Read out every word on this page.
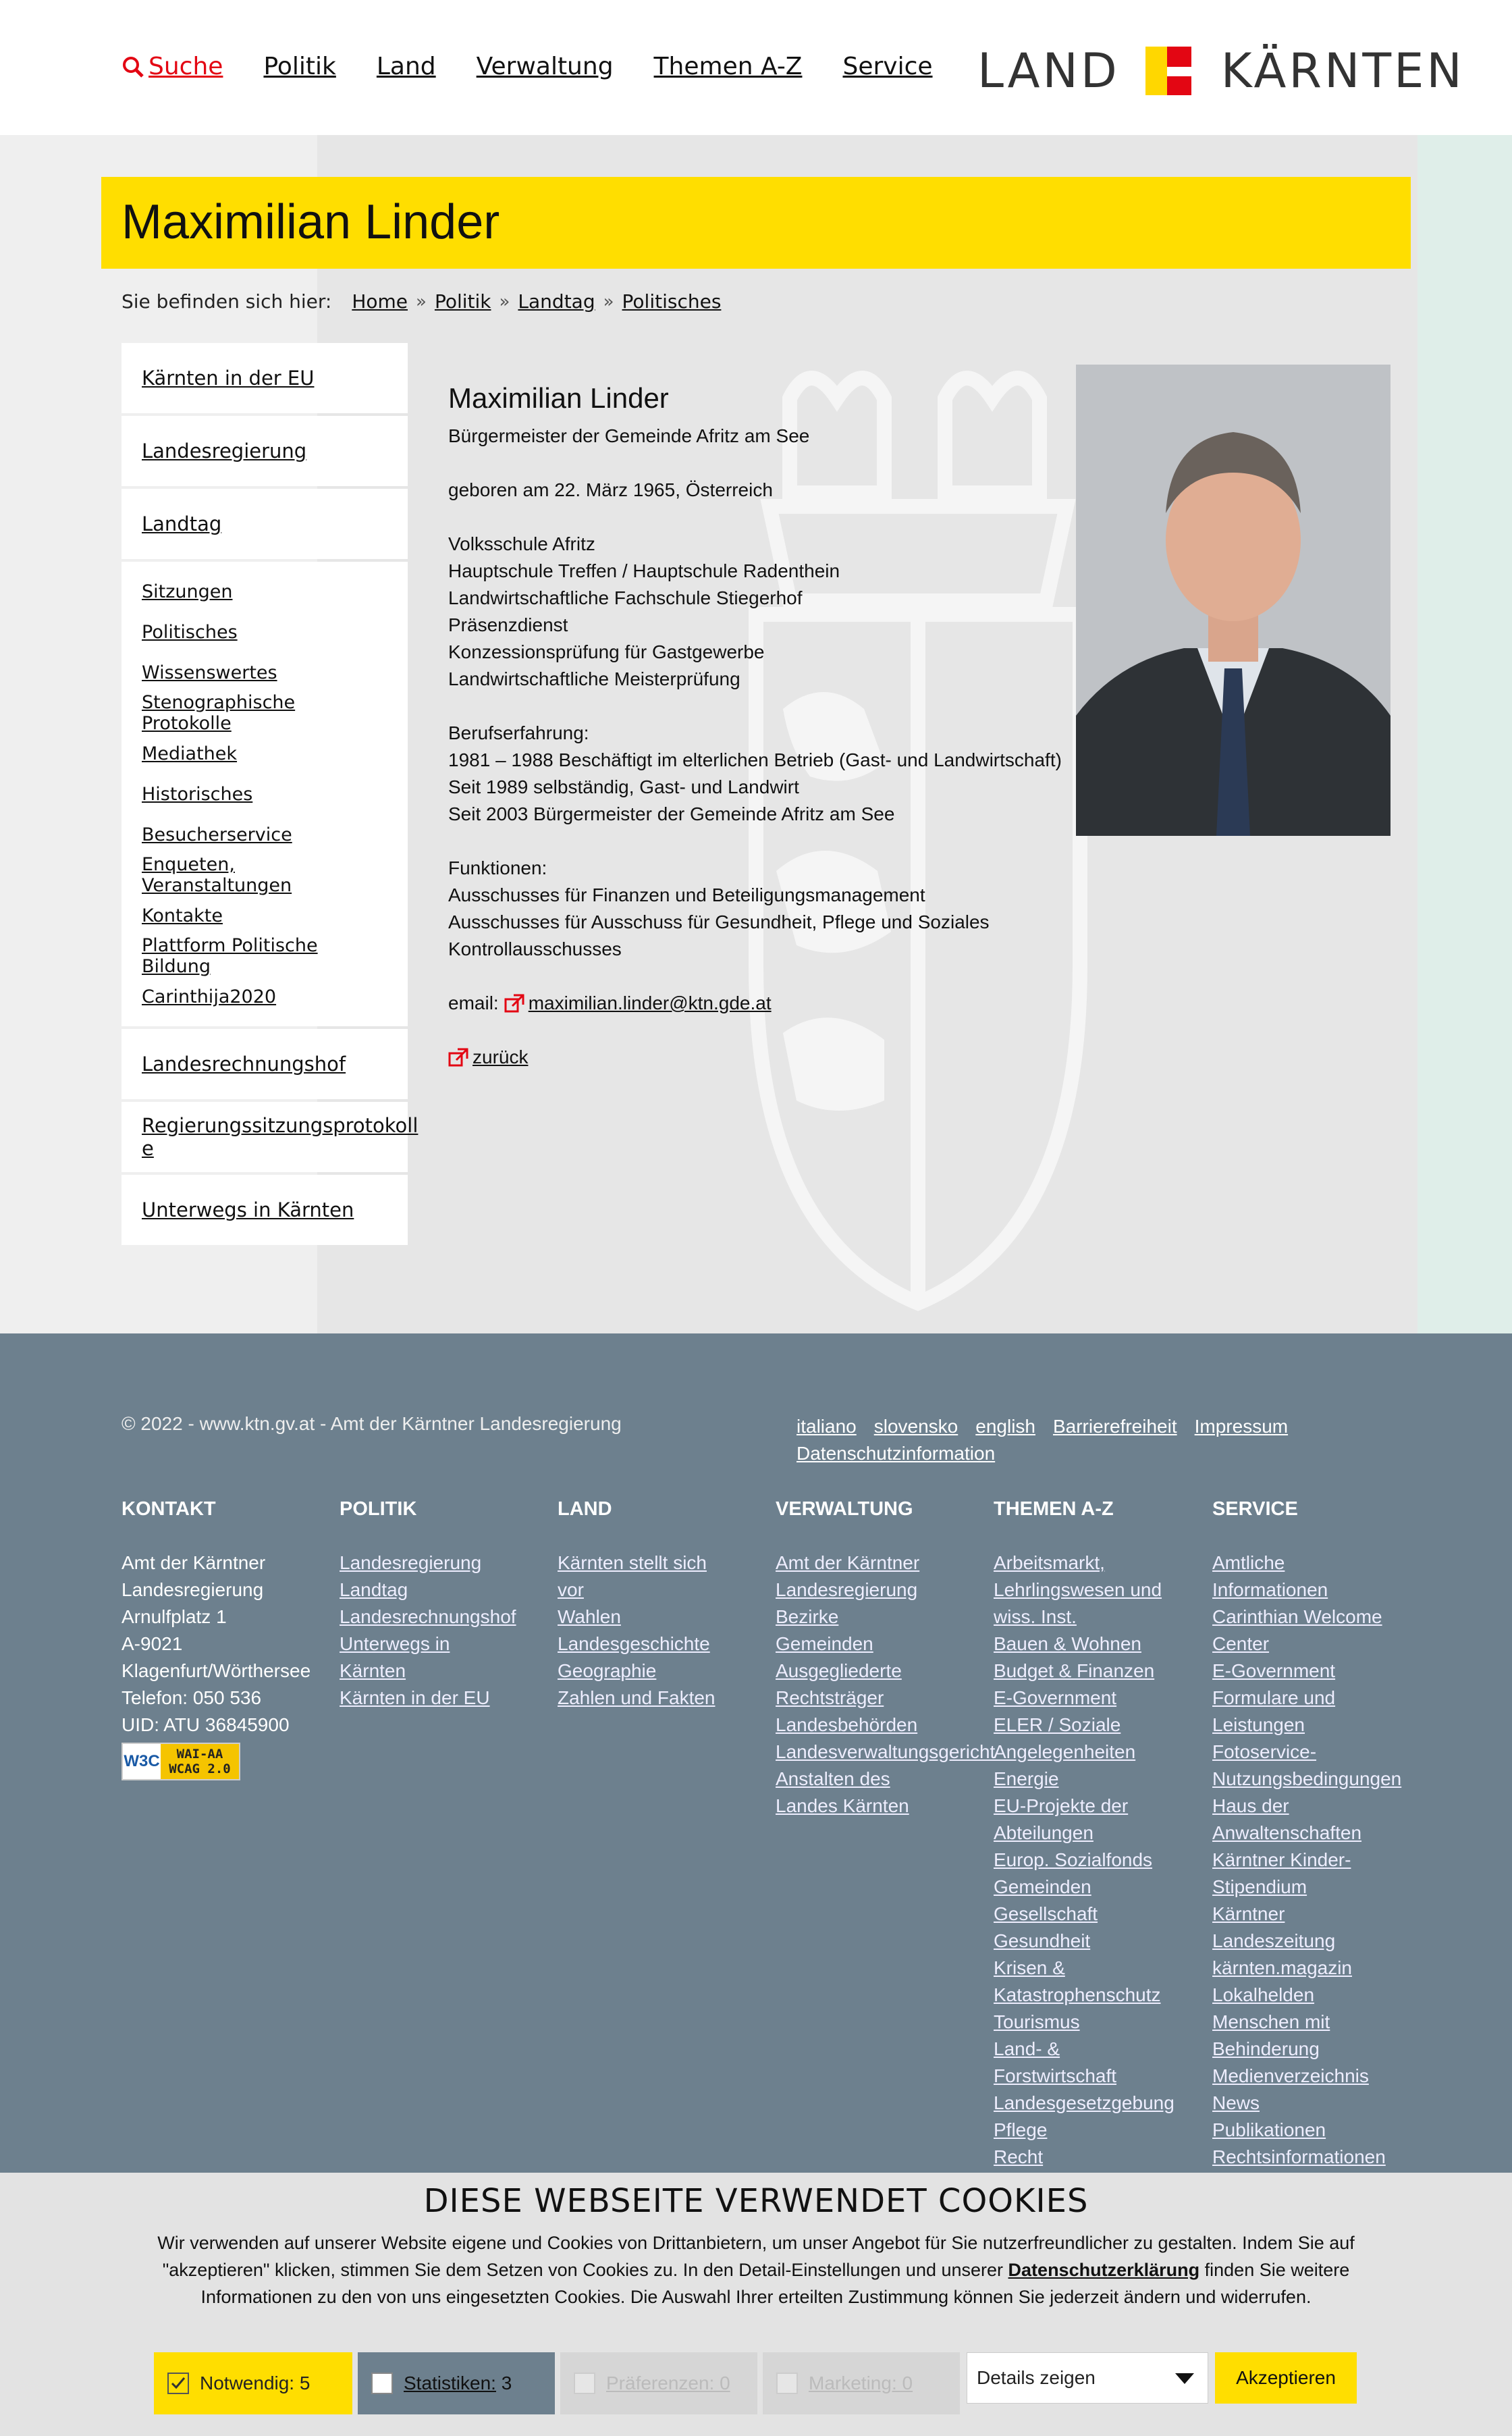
Suche Politik Land Verwaltung Themen A-Z Service LAND KÄRNTEN
Maximilian Linder
Sie befinden sich hier: Home » Politik » Landtag » Politisches
Kärnten in der EU
Landesregierung
Landtag
Sitzungen
Politisches
Wissenswertes
Stenographische Protokolle
Mediathek
Historisches
Besucherservice
Enqueten, Veranstaltungen
Kontakte
Plattform Politische Bildung
Carinthija2020
Landesrechnungshof
Regierungssitzungsprotokoll e
Unterwegs in Kärnten
Maximilian Linder
Bürgermeister der Gemeinde Afritz am See
geboren am 22. März 1965, Österreich
Volksschule Afritz
Hauptschule Treffen / Hauptschule Radenthein
Landwirtschaftliche Fachschule Stiegerhof
Präsenzdienst
Konzessionsprüfung für Gastgewerbe
Landwirtschaftliche Meisterprüfung
Berufserfahrung:
1981 – 1988 Beschäftigt im elterlichen Betrieb (Gast- und Landwirtschaft)
Seit 1989 selbständig, Gast- und Landwirt
Seit 2003 Bürgermeister der Gemeinde Afritz am See
Funktionen:
Ausschusses für Finanzen und Beteiligungsmanagement
Ausschusses für Ausschuss für Gesundheit, Pflege und Soziales
Kontrollausschusses
email: maximilian.linder@ktn.gde.at
zurück
© 2022 - www.ktn.gv.at - Amt der Kärntner Landesregierung	italiano slovensko english Barrierefreiheit Impressum
Datenschutzinformation
KONTAKT
Amt der Kärntner
Landesregierung
Arnulfplatz 1
A-9021
Klagenfurt/Wörthersee
Telefon: 050 536
UID: ATU 36845900
W3C WAI-AA
WCAG 2.0
POLITIK
Landesregierung
Landtag
Landesrechnungshof
Unterwegs in
Kärnten
Kärnten in der EU
LAND
Kärnten stellt sich
vor
Wahlen
Landesgeschichte
Geographie
Zahlen und Fakten
VERWALTUNG
Amt der Kärntner
Landesregierung
Bezirke
Gemeinden
Ausgegliederte
Rechtsträger
Landesbehörden
Landesverwaltungsgericht
Anstalten des
Landes Kärnten
THEMEN A-Z
Arbeitsmarkt,
Lehrlingswesen und
wiss. Inst.
Bauen & Wohnen
Budget & Finanzen
E-Government
ELER / Soziale
Angelegenheiten
Energie
EU-Projekte der
Abteilungen
Europ. Sozialfonds
Gemeinden
Gesellschaft
Gesundheit
Krisen &
Katastrophenschutz
Tourismus
Land- &
Forstwirtschaft
Landesgesetzgebung
Pflege
Recht
SERVICE
Amtliche
Informationen
Carinthian Welcome
Center
E-Government
Formulare und
Leistungen
Fotoservice-
Nutzungsbedingungen
Haus der
Anwaltenschaften
Kärntner Kinder-
Stipendium
Kärntner
Landeszeitung
kärnten.magazin
Lokalhelden
Menschen mit
Behinderung
Medienverzeichnis
News
Publikationen
Rechtsinformationen
DIESE WEBSEITE VERWENDET COOKIES
Wir verwenden auf unserer Website eigene und Cookies von Drittanbietern, um unser Angebot für Sie nutzerfreundlicher zu gestalten. Indem Sie auf "akzeptieren" klicken, stimmen Sie dem Setzen von Cookies zu. In den Detail-Einstellungen und unserer Datenschutzerklärung finden Sie weitere Informationen zu den von uns eingesetzten Cookies. Die Auswahl Ihrer erteilten Zustimmung können Sie jederzeit ändern und widerrufen.
Notwendig: 5	Statistiken:
3	Präferenzen: 0	Marketing: 0	Details zeigen	Akzeptieren
